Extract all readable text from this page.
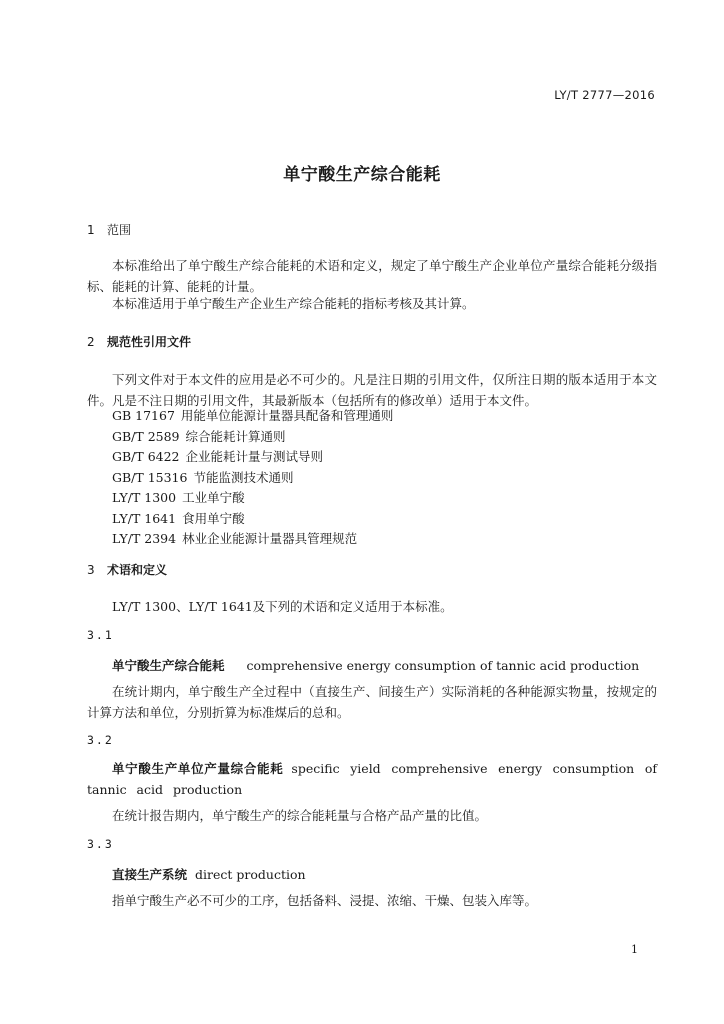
LY/T 2777—2016
单宁酸生产综合能耗
1 范围
本标准给出了单宁酸生产综合能耗的术语和定义，规定了单宁酸生产企业单位产量综合能耗分级指标、能耗的计算、能耗的计量。
本标准适用于单宁酸生产企业生产综合能耗的指标考核及其计算。
2 规范性引用文件
下列文件对于本文件的应用是必不可少的。凡是注日期的引用文件，仅所注日期的版本适用于本文件。凡是不注日期的引用文件，其最新版本（包括所有的修改单）适用于本文件。
GB 17167 用能单位能源计量器具配备和管理通则
GB/T 2589 综合能耗计算通则
GB/T 6422 企业能耗计量与测试导则
GB/T 15316 节能监测技术通则
LY/T 1300 工业单宁酸
LY/T 1641 食用单宁酸
LY/T 2394 林业企业能源计量器具管理规范
3 术语和定义
LY/T 1300、LY/T 1641及下列的术语和定义适用于本标准。
3.1
单宁酸生产综合能耗 comprehensive energy consumption of tannic acid production
在统计期内，单宁酸生产全过程中（直接生产、间接生产）实际消耗的各种能源实物量，按规定的计算方法和单位，分别折算为标准煤后的总和。
3.2
单宁酸生产单位产量综合能耗 specific yield comprehensive energy consumption of tannic acid production
在统计报告期内，单宁酸生产的综合能耗量与合格产品产量的比值。
3.3
直接生产系统 direct production
指单宁酸生产必不可少的工序，包括备料、浸提、浓缩、干燥、包装入库等。
1
